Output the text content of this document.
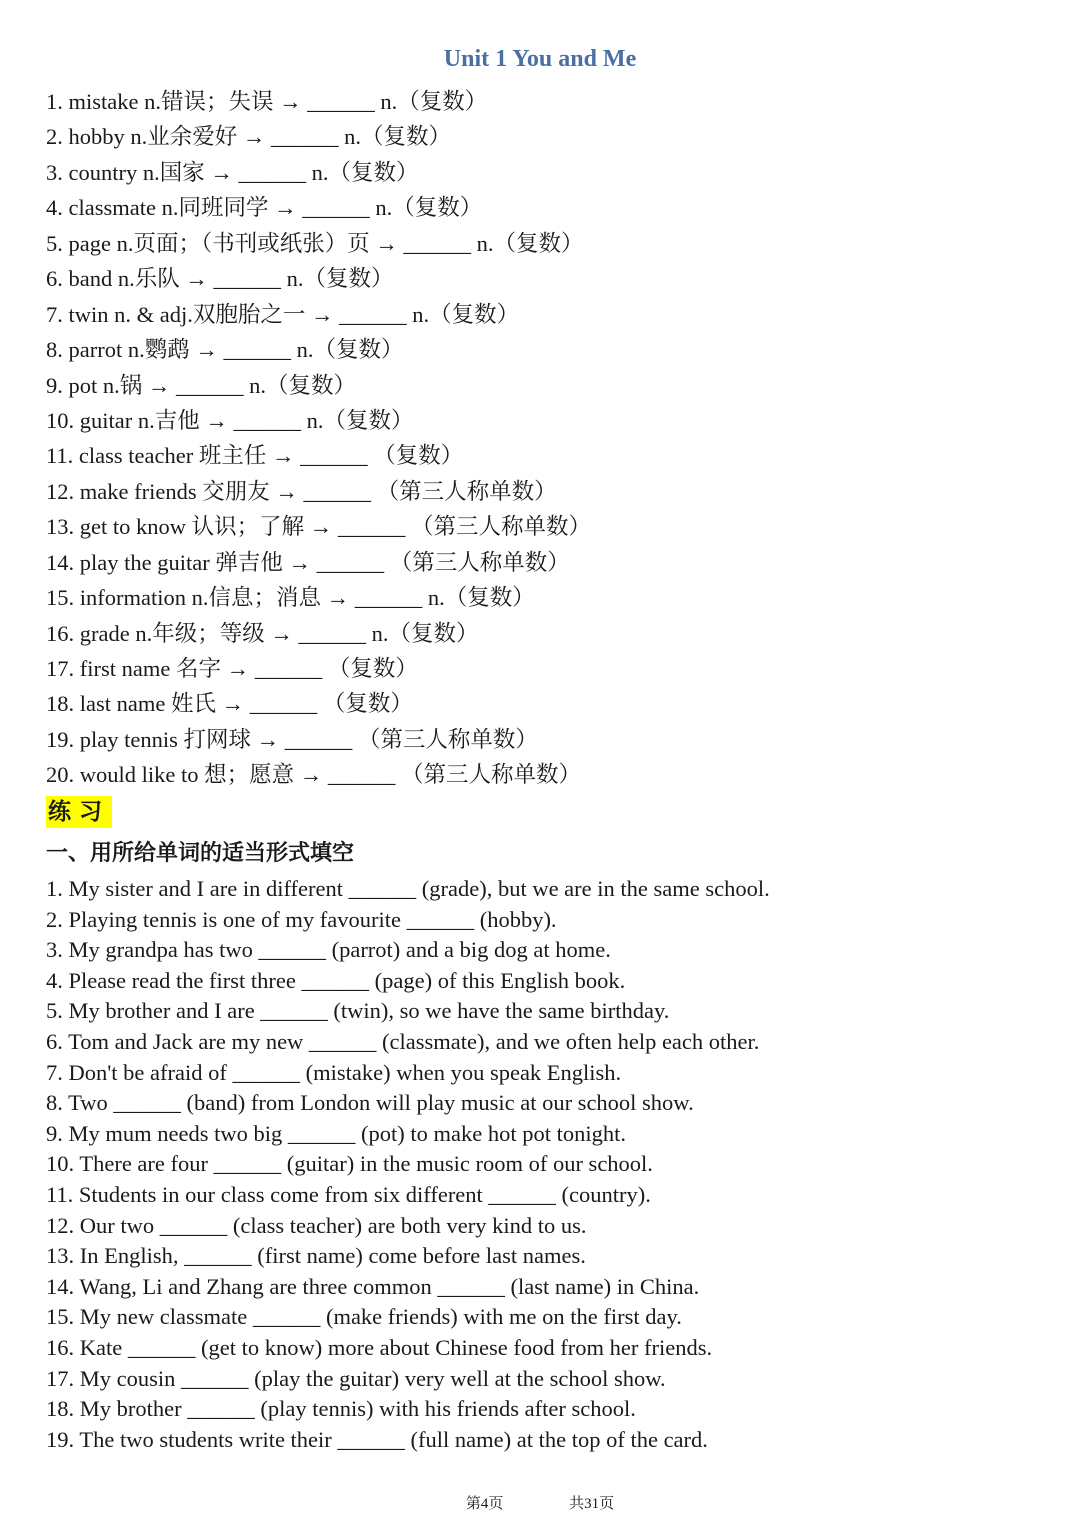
Unit 1 You and Me
1. mistake n.错误；失误 → ______ n.（复数）
2. hobby n.业余爱好 → ______ n.（复数）
3. country n.国家 → ______ n.（复数）
4. classmate n.同班同学 → ______ n.（复数）
5. page n.页面；（书刊或纸张）页 → ______ n.（复数）
6. band n.乐队 → ______ n.（复数）
7. twin n. & adj.双胞胎之一 → ______ n.（复数）
8. parrot n.鹦鹉 → ______ n.（复数）
9. pot n.锅 → ______ n.（复数）
10. guitar n.吉他 → ______ n.（复数）
11. class teacher 班主任 → ______ （复数）
12. make friends 交朋友 → ______ （第三人称单数）
13. get to know 认识；了解 → ______ （第三人称单数）
14. play the guitar 弹吉他 → ______ （第三人称单数）
15. information n.信息；消息 → ______ n.（复数）
16. grade n.年级；等级 → ______ n.（复数）
17. first name 名字 → ______ （复数）
18. last name 姓氏 → ______ （复数）
19. play tennis 打网球 → ______ （第三人称单数）
20. would like to 想；愿意 → ______ （第三人称单数）
练习
一、用所给单词的适当形式填空
1. My sister and I are in different ______ (grade), but we are in the same school.
2. Playing tennis is one of my favourite ______ (hobby).
3. My grandpa has two ______ (parrot) and a big dog at home.
4. Please read the first three ______ (page) of this English book.
5. My brother and I are ______ (twin), so we have the same birthday.
6. Tom and Jack are my new ______ (classmate), and we often help each other.
7. Don't be afraid of ______ (mistake) when you speak English.
8. Two ______ (band) from London will play music at our school show.
9. My mum needs two big ______ (pot) to make hot pot tonight.
10. There are four ______ (guitar) in the music room of our school.
11. Students in our class come from six different ______ (country).
12. Our two ______ (class teacher) are both very kind to us.
13. In English, ______ (first name) come before last names.
14. Wang, Li and Zhang are three common ______ (last name) in China.
15. My new classmate ______ (make friends) with me on the first day.
16. Kate ______ (get to know) more about Chinese food from her friends.
17. My cousin ______ (play the guitar) very well at the school show.
18. My brother ______ (play tennis) with his friends after school.
19. The two students write their ______ (full name) at the top of the card.
第4页	共31页
